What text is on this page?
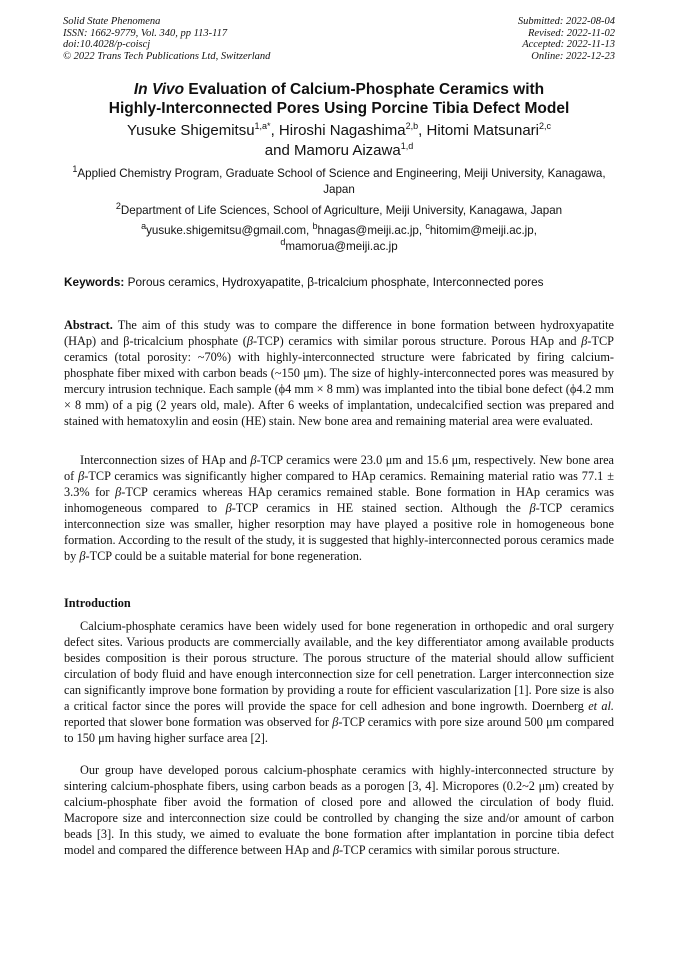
Solid State Phenomena
ISSN: 1662-9779, Vol. 340, pp 113-117
doi:10.4028/p-coiscj
© 2022 Trans Tech Publications Ltd, Switzerland
Submitted: 2022-08-04
Revised: 2022-11-02
Accepted: 2022-11-13
Online: 2022-12-23
In Vivo Evaluation of Calcium-Phosphate Ceramics with
Highly-Interconnected Pores Using Porcine Tibia Defect Model
Yusuke Shigemitsu$^{1,a*}$, Hiroshi Nagashima$^{2,b}$, Hitomi Matsunari$^{2,c}$
and Mamoru Aizawa$^{1,d}$
$^1$Applied Chemistry Program, Graduate School of Science and Engineering, Meiji University, Kanagawa, Japan
$^2$Department of Life Sciences, School of Agriculture, Meiji University, Kanagawa, Japan
$^a$yusuke.shigemitsu@gmail.com, $^b$hnagas@meiji.ac.jp, $^c$hitomim@meiji.ac.jp,
$^d$mamorua@meiji.ac.jp
Keywords: Porous ceramics, Hydroxyapatite, β-tricalcium phosphate, Interconnected pores

Abstract. The aim of this study was to compare the difference in bone formation between hydroxyapatite (HAp) and β-tricalcium phosphate (β-TCP) ceramics with similar porous structure. Porous HAp and β-TCP ceramics (total porosity: ~70%) with highly-interconnected structure were fabricated by firing calcium-phosphate fiber mixed with carbon beads (~150 μm). The size of highly-interconnected pores was measured by mercury intrusion technique. Each sample (ϕ4 mm × 8 mm) was implanted into the tibial bone defect (ϕ4.2 mm × 8 mm) of a pig (2 years old, male). After 6 weeks of implantation, undecalcified section was prepared and stained with hematoxylin and eosin (HE) stain. New bone area and remaining material area were evaluated.

Interconnection sizes of HAp and β-TCP ceramics were 23.0 μm and 15.6 μm, respectively. New bone area of β-TCP ceramics was significantly higher compared to HAp ceramics. Remaining material ratio was 77.1 ± 3.3% for β-TCP ceramics whereas HAp ceramics remained stable. Bone formation in HAp ceramics was inhomogeneous compared to β-TCP ceramics in HE stained section. Although the β-TCP ceramics interconnection size was smaller, higher resorption may have played a positive role in homogeneous bone formation. According to the result of the study, it is suggested that highly-interconnected porous ceramics made by β-TCP could be a suitable material for bone regeneration.

Introduction

Calcium-phosphate ceramics have been widely used for bone regeneration in orthopedic and oral surgery defect sites. Various products are commercially available, and the key differentiator among available products besides composition is their porous structure. The porous structure of the material should allow sufficient circulation of body fluid and have enough interconnection size for cell penetration. Larger interconnection size can significantly improve bone formation by providing a route for efficient vascularization [1]. Pore size is also a critical factor since the pores will provide the space for cell adhesion and bone ingrowth. Doernberg et al. reported that slower bone formation was observed for β-TCP ceramics with pore size around 500 μm compared to 150 μm having higher surface area [2].

Our group have developed porous calcium-phosphate ceramics with highly-interconnected structure by sintering calcium-phosphate fibers, using carbon beads as a porogen [3, 4]. Micropores (0.2~2 μm) created by calcium-phosphate fiber avoid the formation of closed pore and allowed the circulation of body fluid. Macropore size and interconnection size could be controlled by changing the size and/or amount of carbon beads [3]. In this study, we aimed to evaluate the bone formation after implantation in porcine tibia defect model and compared the difference between HAp and β-TCP ceramics with similar porous structure.
